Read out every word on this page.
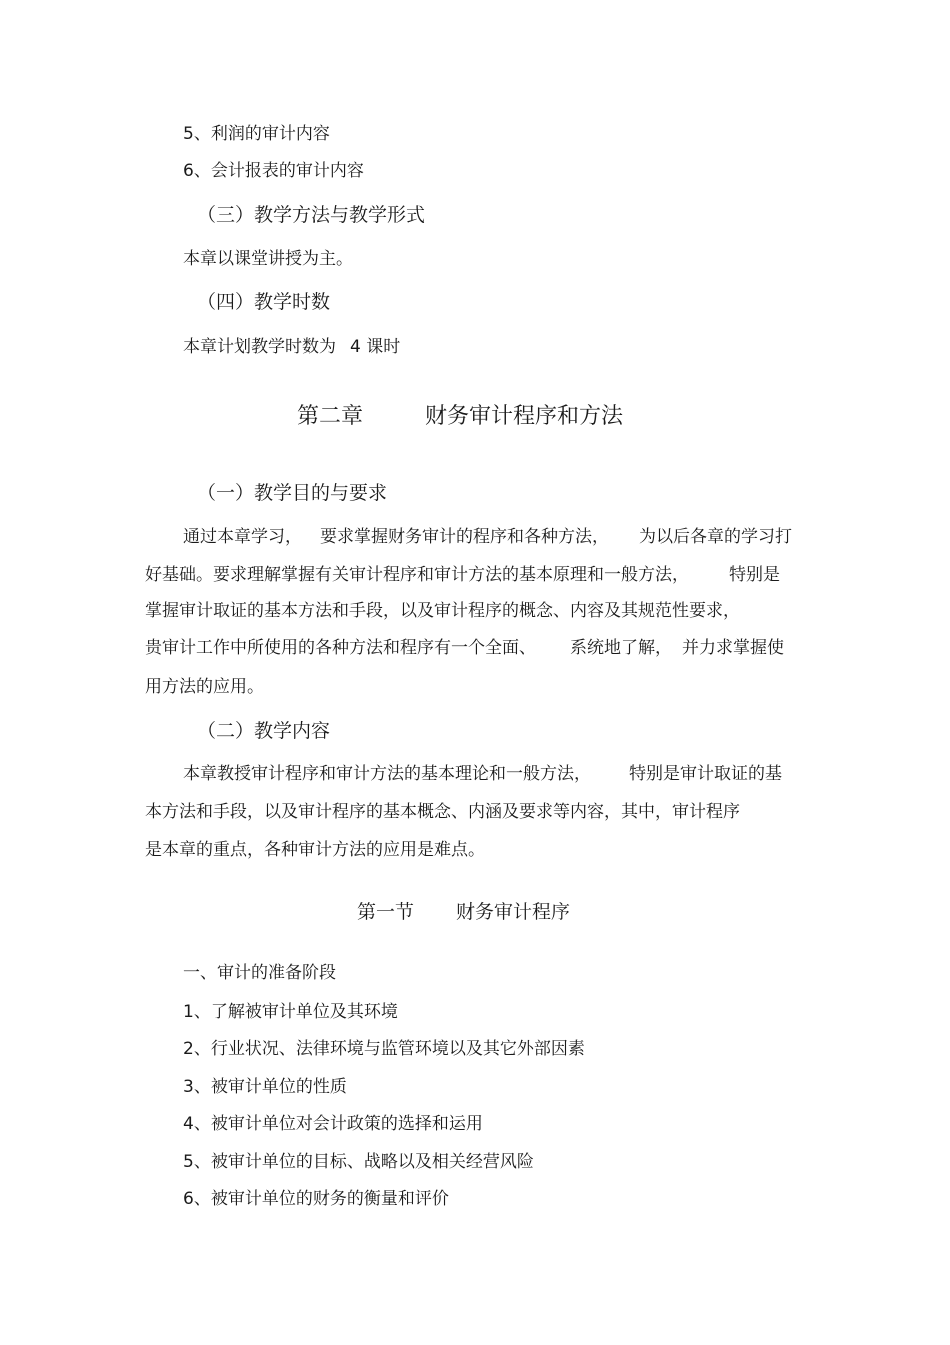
5、利润的审计内容

6、会计报表的审计内容

（三）教学方法与教学形式

本章以课堂讲授为主。

（四）教学时数

本章计划教学时数为 4 课时

第二章	财务审计程序和方法

（一）教学目的与要求

通过本章学习， 要求掌握财务审计的程序和各种方法， 为以后各章的学习打

好基础。要求理解掌握有关审计程序和审计方法的基本原理和一般方法， 特别是

掌握审计取证的基本方法和手段，以及审计程序的概念、内容及其规范性要求，

贵审计工作中所使用的各种方法和程序有一个全面、 系统地了解， 并力求掌握使

用方法的应用。

（二）教学内容

本章教授审计程序和审计方法的基本理论和一般方法， 特别是审计取证的基

本方法和手段，以及审计程序的基本概念、内涵及要求等内容，其中，审计程序

是本章的重点，各种审计方法的应用是难点。

第一节 财务审计程序

一、审计的准备阶段

1、了解被审计单位及其环境

2、行业状况、法律环境与监管环境以及其它外部因素

3、被审计单位的性质

4、被审计单位对会计政策的选择和运用

5、被审计单位的目标、战略以及相关经营风险

6、被审计单位的财务的衡量和评价
